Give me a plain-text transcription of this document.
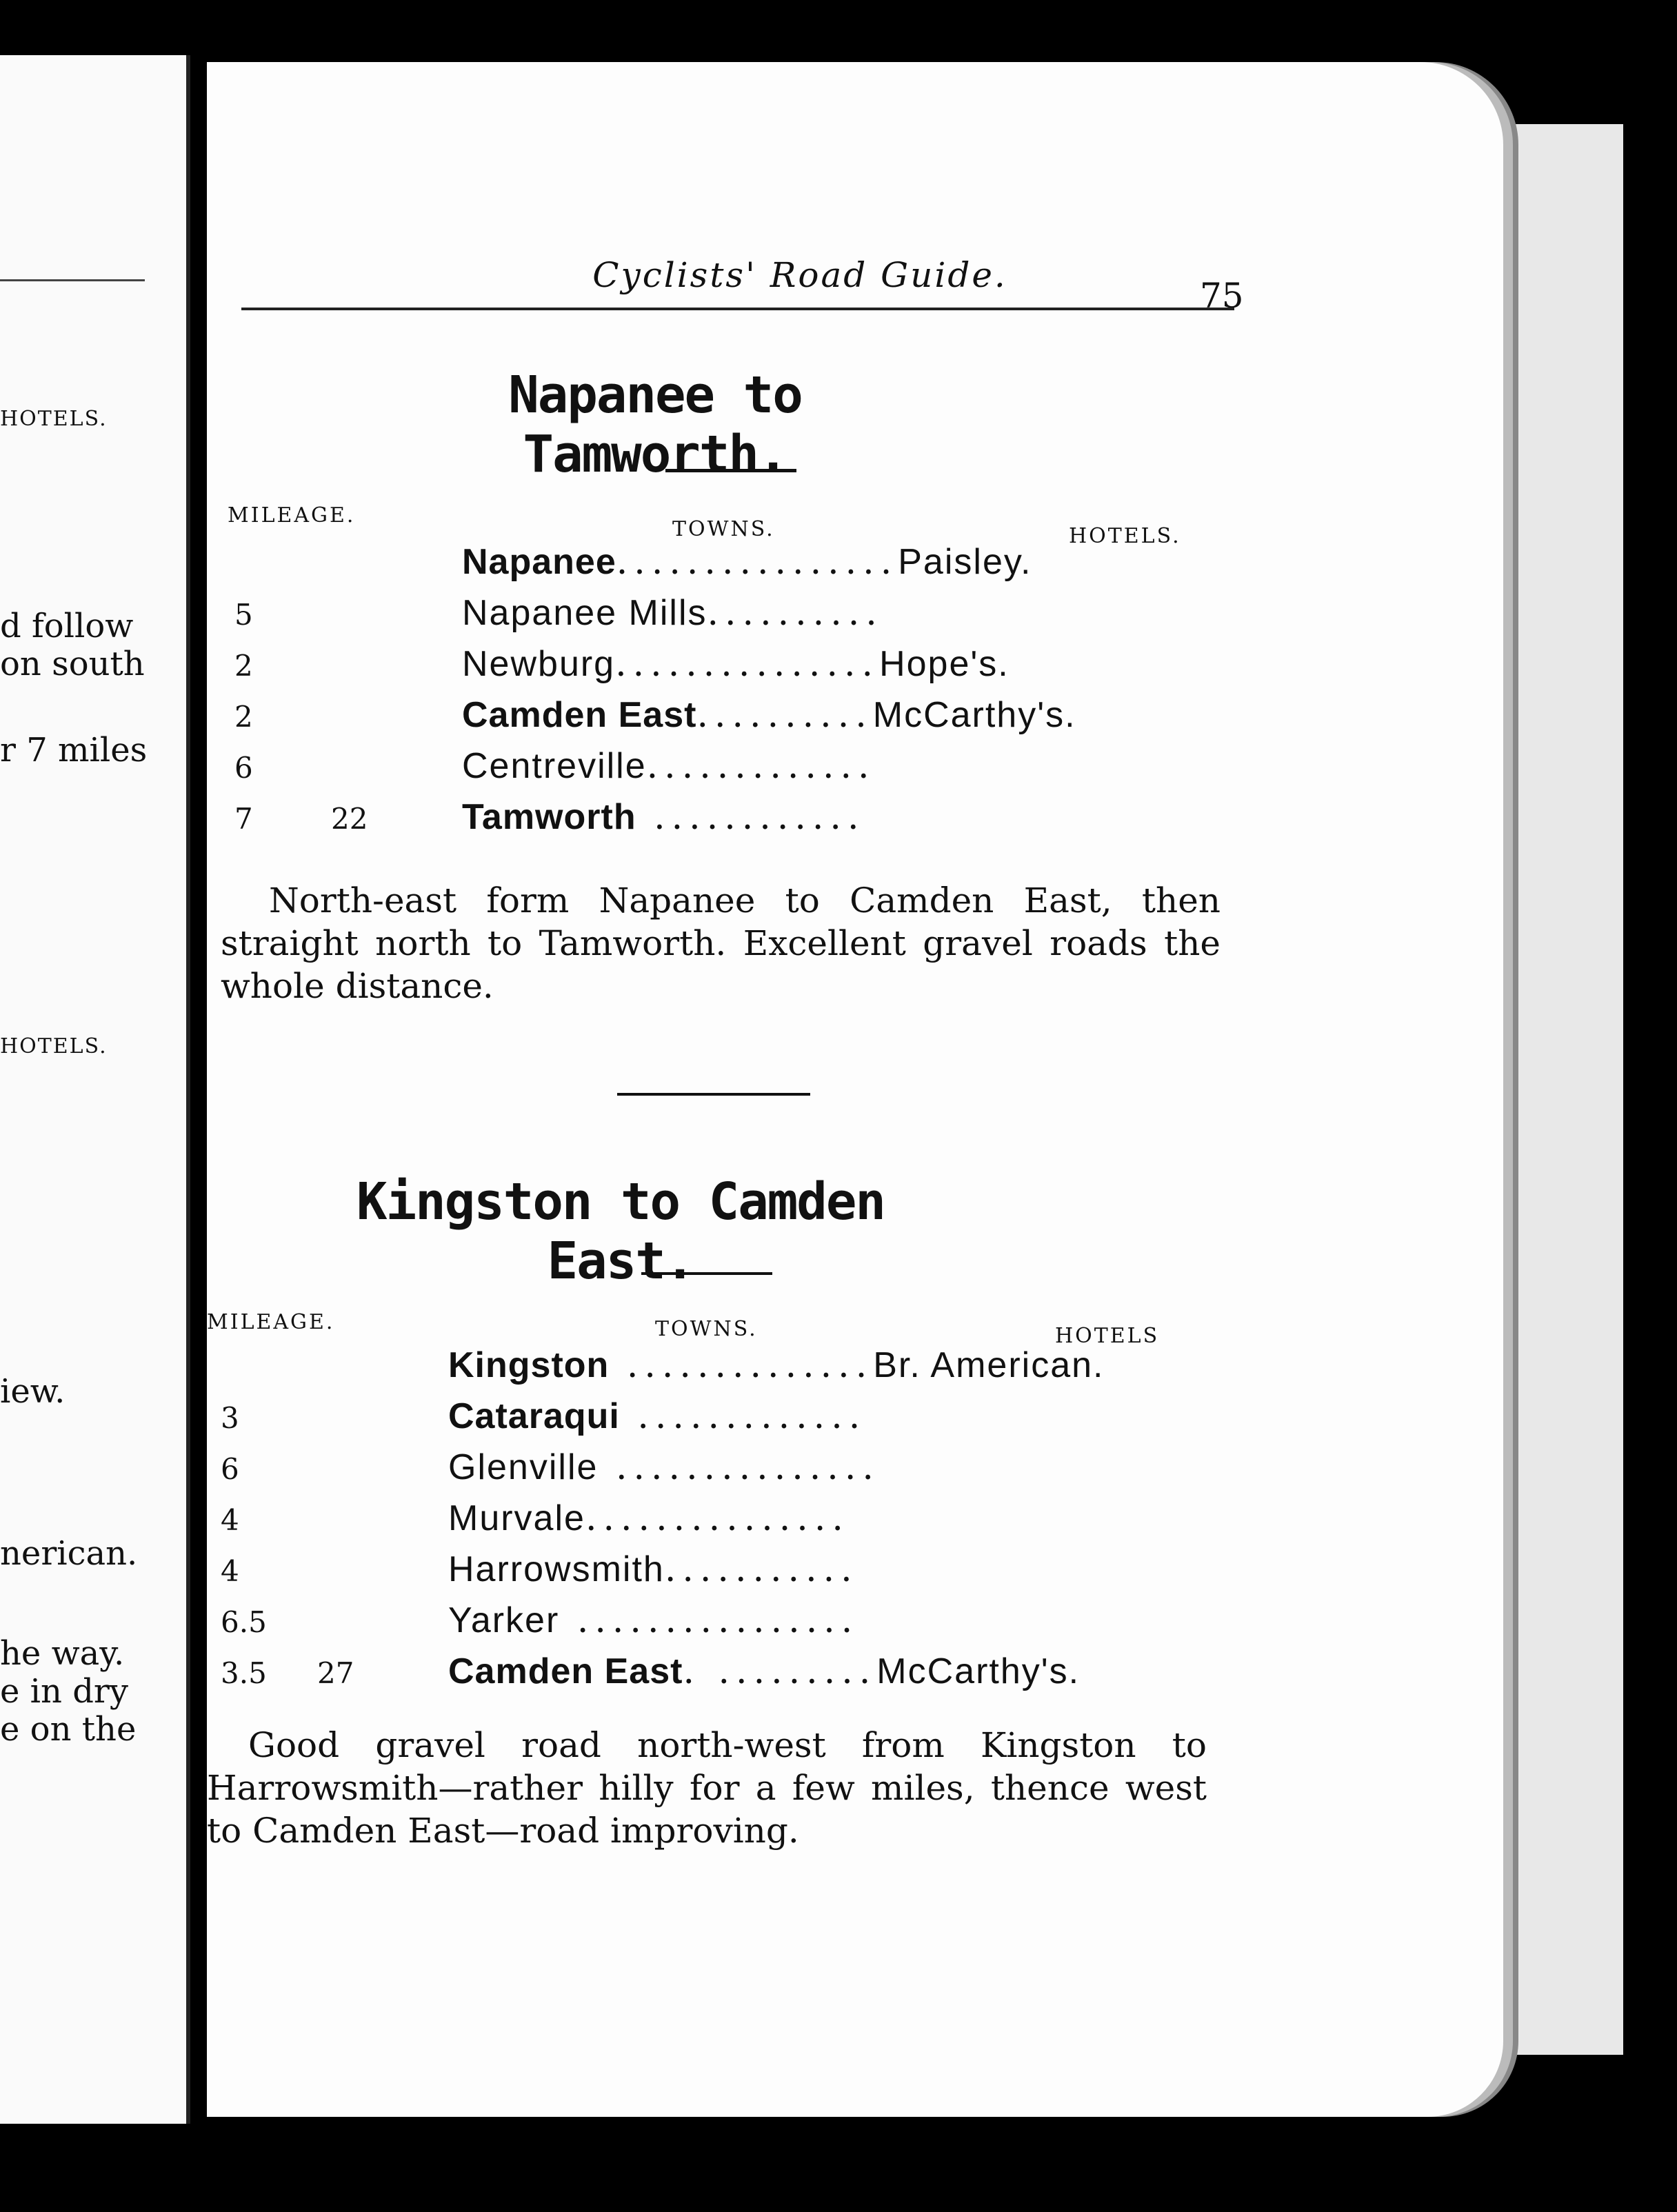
HOTELS.
d follow
on south
r 7 miles
HOTELS.
iew.
nerican.
he way.
e in dry
e on the
Cyclists' Road Guide.
75
Napanee to Tamworth.
MILEAGE.
TOWNS.	HOTELS.
Napanee................Paisley.
5	Napanee Mills..........
2	Newburg...............Hope's.
2	Camden East..........McCarthy's.
6	Centreville.............
7	22	Tamworth ............
North-east form Napanee to Camden East, then straight north to Tamworth. Excellent gravel roads the whole distance.
Kingston to Camden East.
MILEAGE.	TOWNS.	HOTELS
Kingston ..............Br. American.
3	Cataraqui .............
6	Glenville ...............
4	Murvale...............
4	Harrowsmith...........
6.5	Yarker ................
3.5 27	Camden East. .........McCarthy's.
Good gravel road north-west from Kingston to Harrowsmith—rather hilly for a few miles, thence west to Camden East—road improving.
